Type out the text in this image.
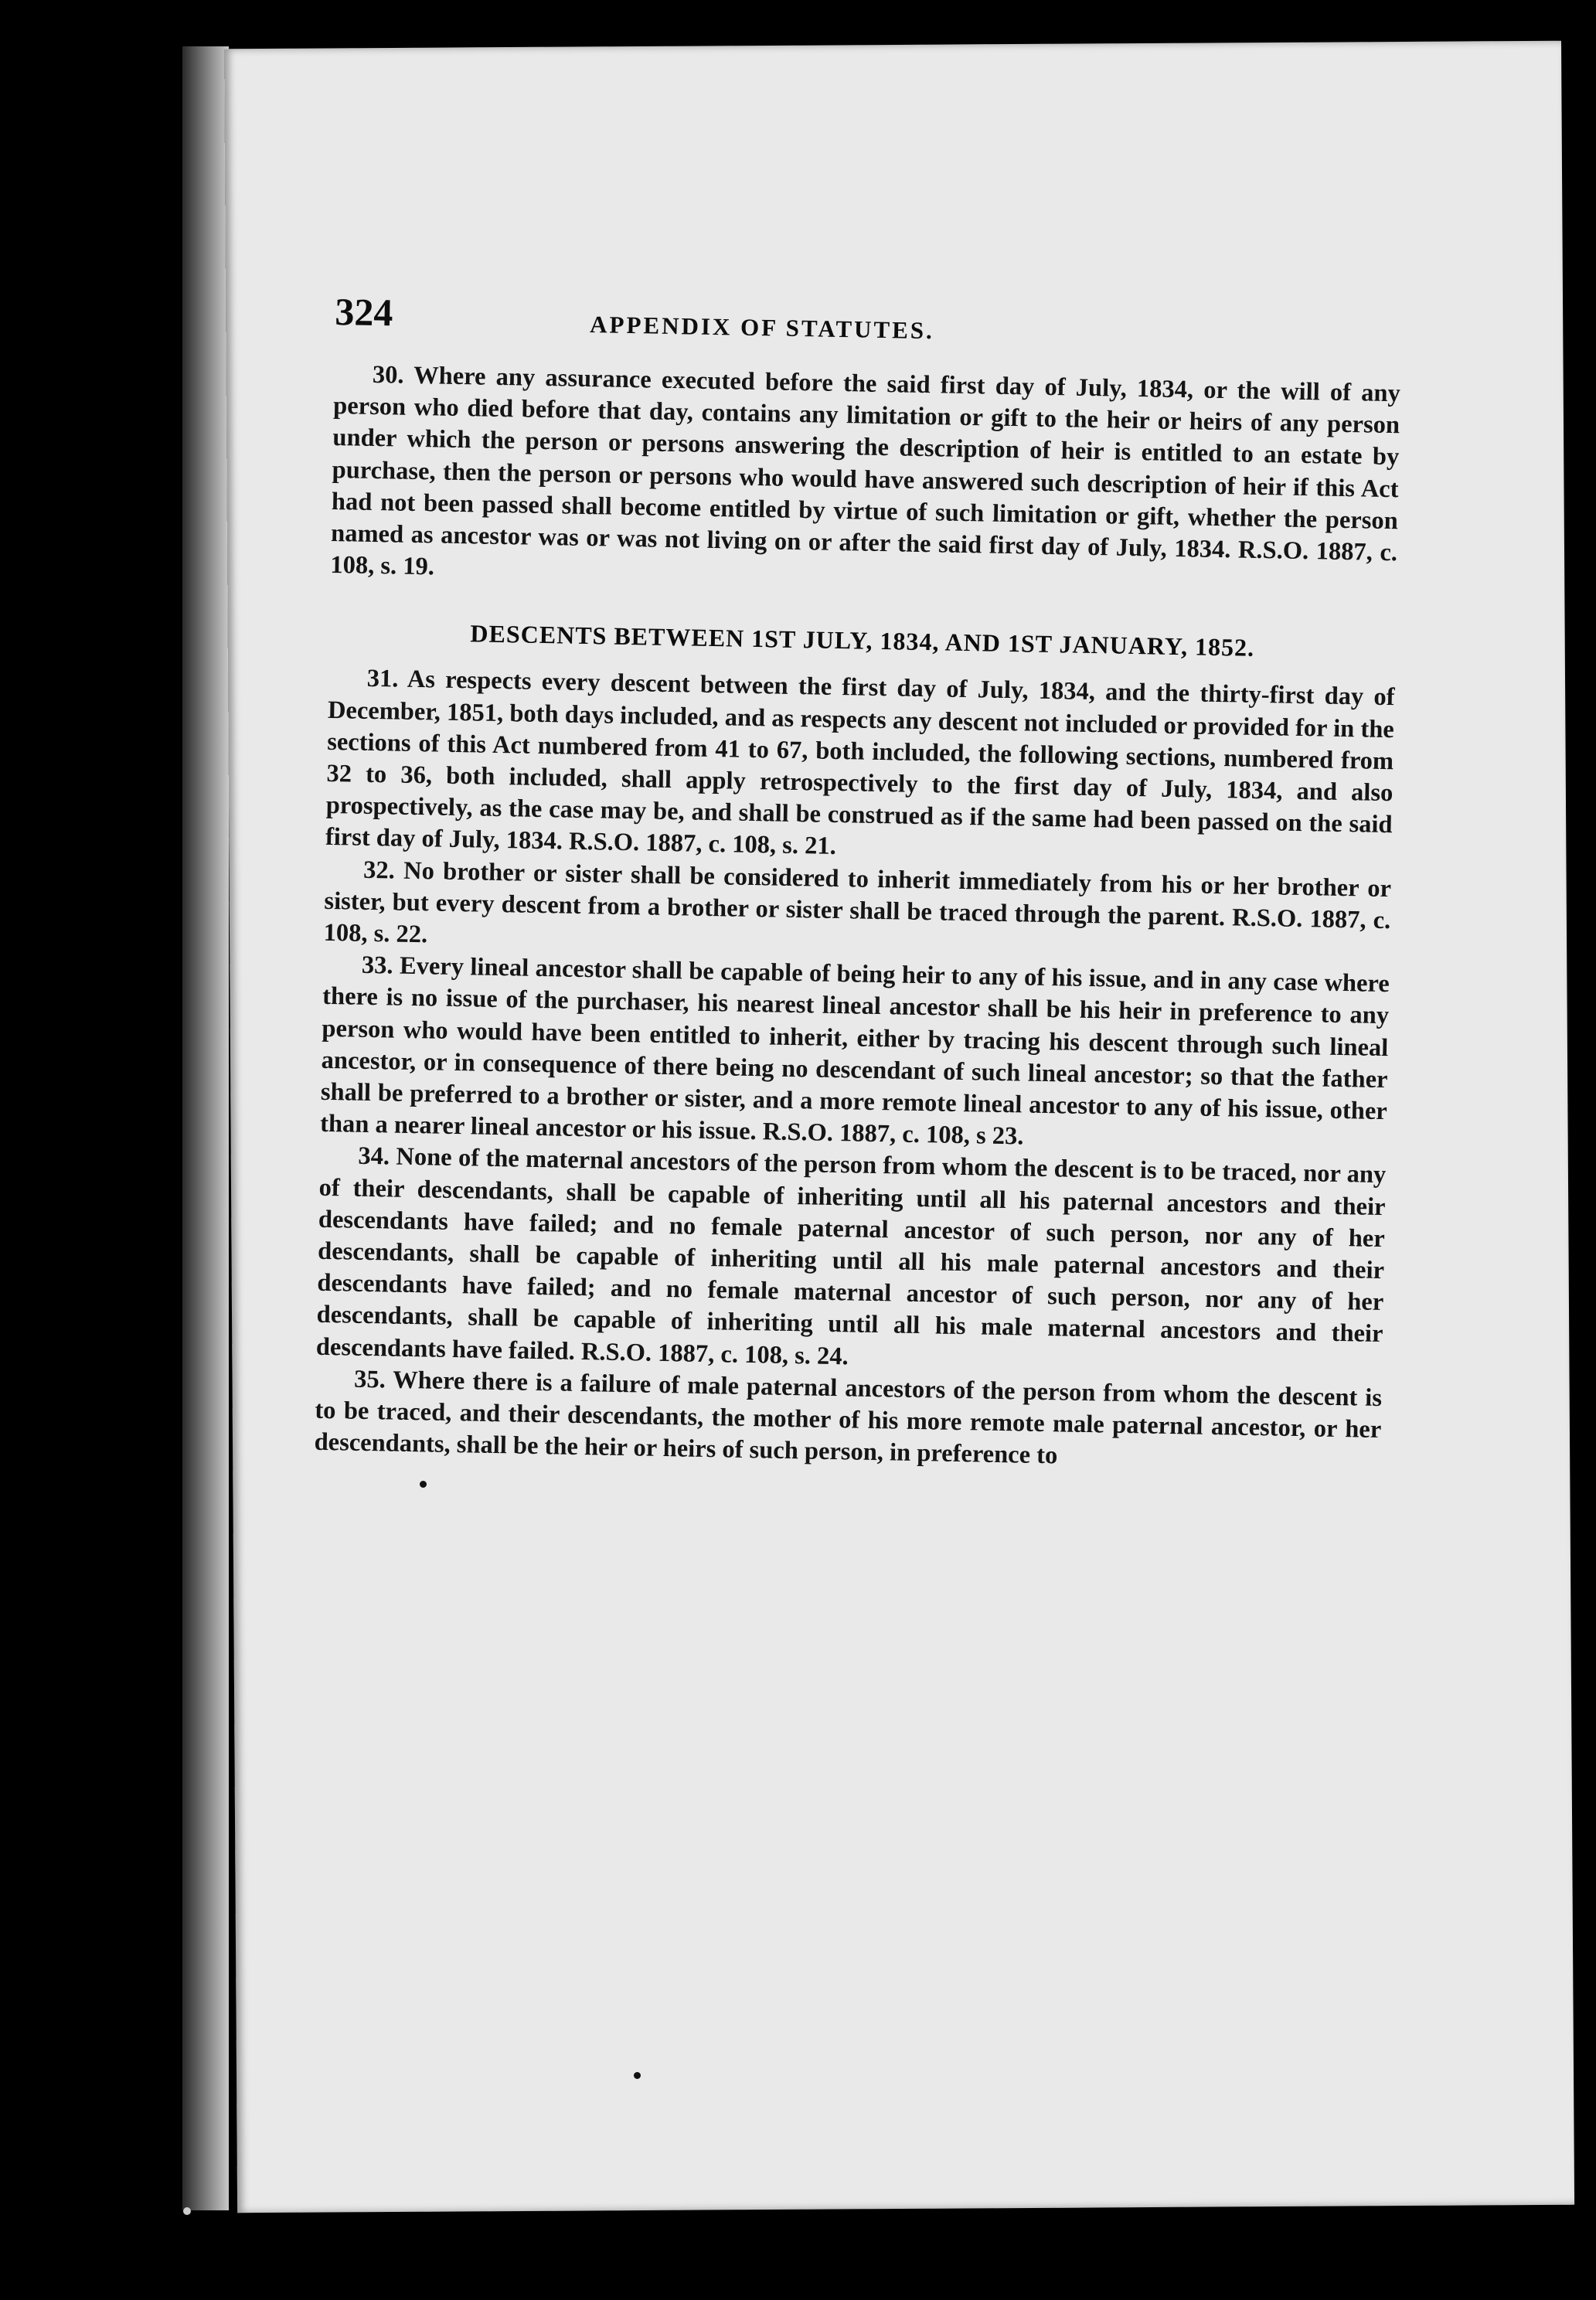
324	APPENDIX OF STATUTES.

30. Where any assurance executed before the said first day of July, 1834, or the will of any person who died before that day, contains any limitation or gift to the heir or heirs of any person under which the person or persons answering the description of heir is entitled to an estate by purchase, then the person or persons who would have answered such description of heir if this Act had not been passed shall become entitled by virtue of such limitation or gift, whether the person named as ancestor was or was not living on or after the said first day of July, 1834. R.S.O. 1887, c. 108, s. 19.

DESCENTS BETWEEN 1ST JULY, 1834, AND 1ST JANUARY, 1852.

31. As respects every descent between the first day of July, 1834, and the thirty-first day of December, 1851, both days included, and as respects any descent not included or provided for in the sections of this Act numbered from 41 to 67, both included, the following sections, numbered from 32 to 36, both included, shall apply retrospectively to the first day of July, 1834, and also prospectively, as the case may be, and shall be construed as if the same had been passed on the said first day of July, 1834. R.S.O. 1887, c. 108, s. 21.

32. No brother or sister shall be considered to inherit immediately from his or her brother or sister, but every descent from a brother or sister shall be traced through the parent. R.S.O. 1887, c. 108, s. 22.

33. Every lineal ancestor shall be capable of being heir to any of his issue, and in any case where there is no issue of the purchaser, his nearest lineal ancestor shall be his heir in preference to any person who would have been entitled to inherit, either by tracing his descent through such lineal ancestor, or in consequence of there being no descendant of such lineal ancestor; so that the father shall be preferred to a brother or sister, and a more remote lineal ancestor to any of his issue, other than a nearer lineal ancestor or his issue. R.S.O. 1887, c. 108, s 23.

34. None of the maternal ancestors of the person from whom the descent is to be traced, nor any of their descendants, shall be capable of inheriting until all his paternal ancestors and their descendants have failed; and no female paternal ancestor of such person, nor any of her descendants, shall be capable of inheriting until all his male paternal ancestors and their descendants have failed; and no female maternal ancestor of such person, nor any of her descendants, shall be capable of inheriting until all his male maternal ancestors and their descendants have failed. R.S.O. 1887, c. 108, s. 24.

35. Where there is a failure of male paternal ancestors of the person from whom the descent is to be traced, and their descendants, the mother of his more remote male paternal ancestor, or her descendants, shall be the heir or heirs of such person, in preference to
